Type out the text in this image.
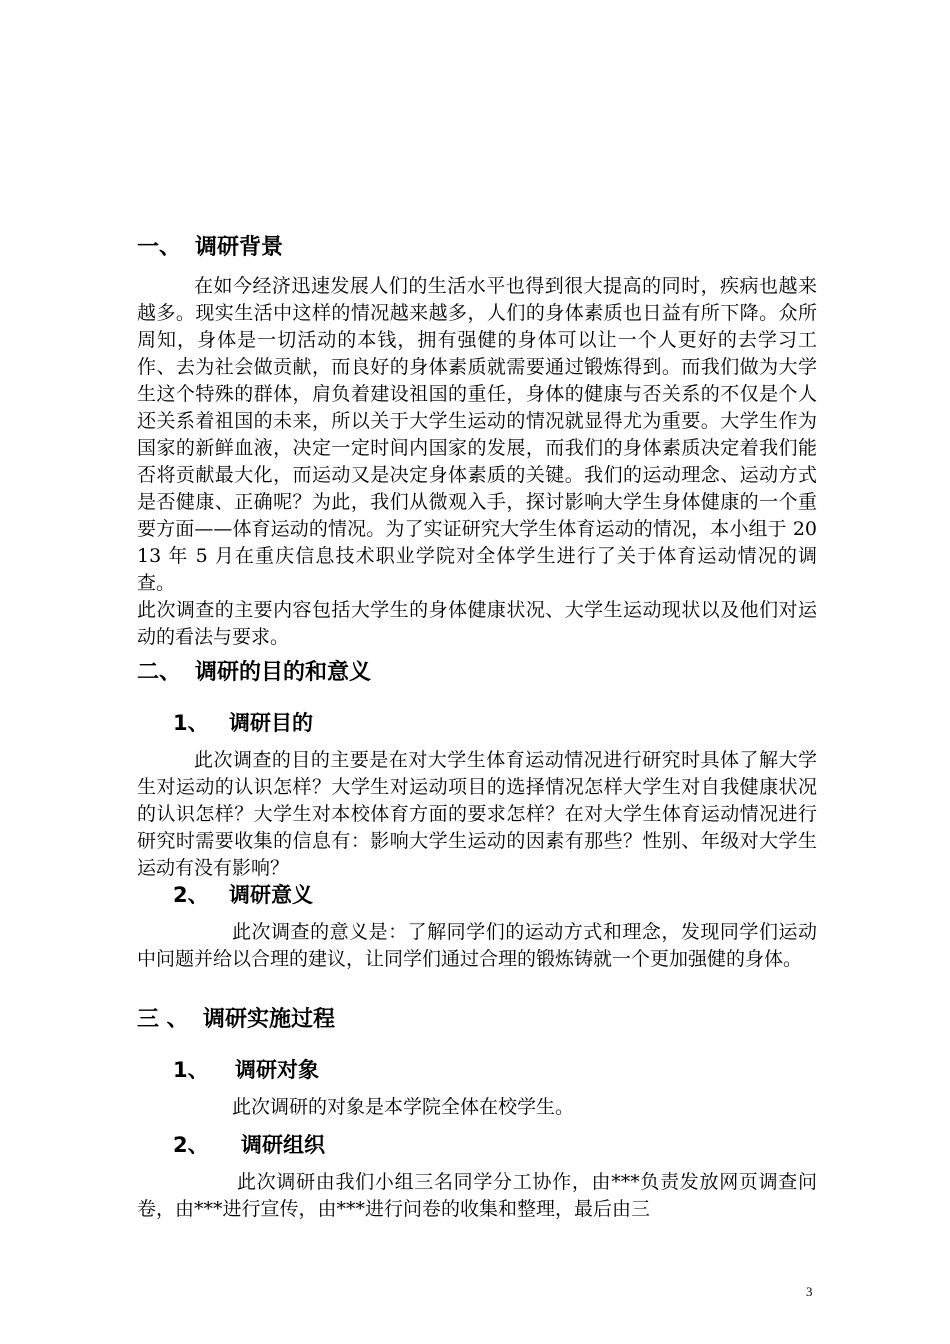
一、 调研背景
在如今经济迅速发展人们的生活水平也得到很大提高的同时，疾病也越来越多。现实生活中这样的情况越来越多，人们的身体素质也日益有所下降。众所周知，身体是一切活动的本钱，拥有强健的身体可以让一个人更好的去学习工作、去为社会做贡献，而良好的身体素质就需要通过锻炼得到。而我们做为大学生这个特殊的群体，肩负着建设祖国的重任，身体的健康与否关系的不仅是个人还关系着祖国的未来，所以关于大学生运动的情况就显得尤为重要。大学生作为国家的新鲜血液，决定一定时间内国家的发展，而我们的身体素质决定着我们能否将贡献最大化，而运动又是决定身体素质的关键。我们的运动理念、运动方式是否健康、正确呢？为此，我们从微观入手，探讨影响大学生身体健康的一个重要方面——体育运动的情况。为了实证研究大学生体育运动的情况，本小组于 2013 年 5 月在重庆信息技术职业学院对全体学生进行了关于体育运动情况的调查。
此次调查的主要内容包括大学生的身体健康状况、大学生运动现状以及他们对运动的看法与要求。
二、 调研的目的和意义
1、 调研目的
此次调查的目的主要是在对大学生体育运动情况进行研究时具体了解大学生对运动的认识怎样？大学生对运动项目的选择情况怎样大学生对自我健康状况的认识怎样？大学生对本校体育方面的要求怎样？在对大学生体育运动情况进行研究时需要收集的信息有：影响大学生运动的因素有那些？性别、年级对大学生运动有没有影响？
2、 调研意义
此次调查的意义是：了解同学们的运动方式和理念，发现同学们运动中问题并给以合理的建议，让同学们通过合理的锻炼铸就一个更加强健的身体。
三 、 调研实施过程
1、 调研对象
此次调研的对象是本学院全体在校学生。
2、 调研组织
此次调研由我们小组三名同学分工协作，由***负责发放网页调查问卷，由***进行宣传，由***进行问卷的收集和整理，最后由三
3
